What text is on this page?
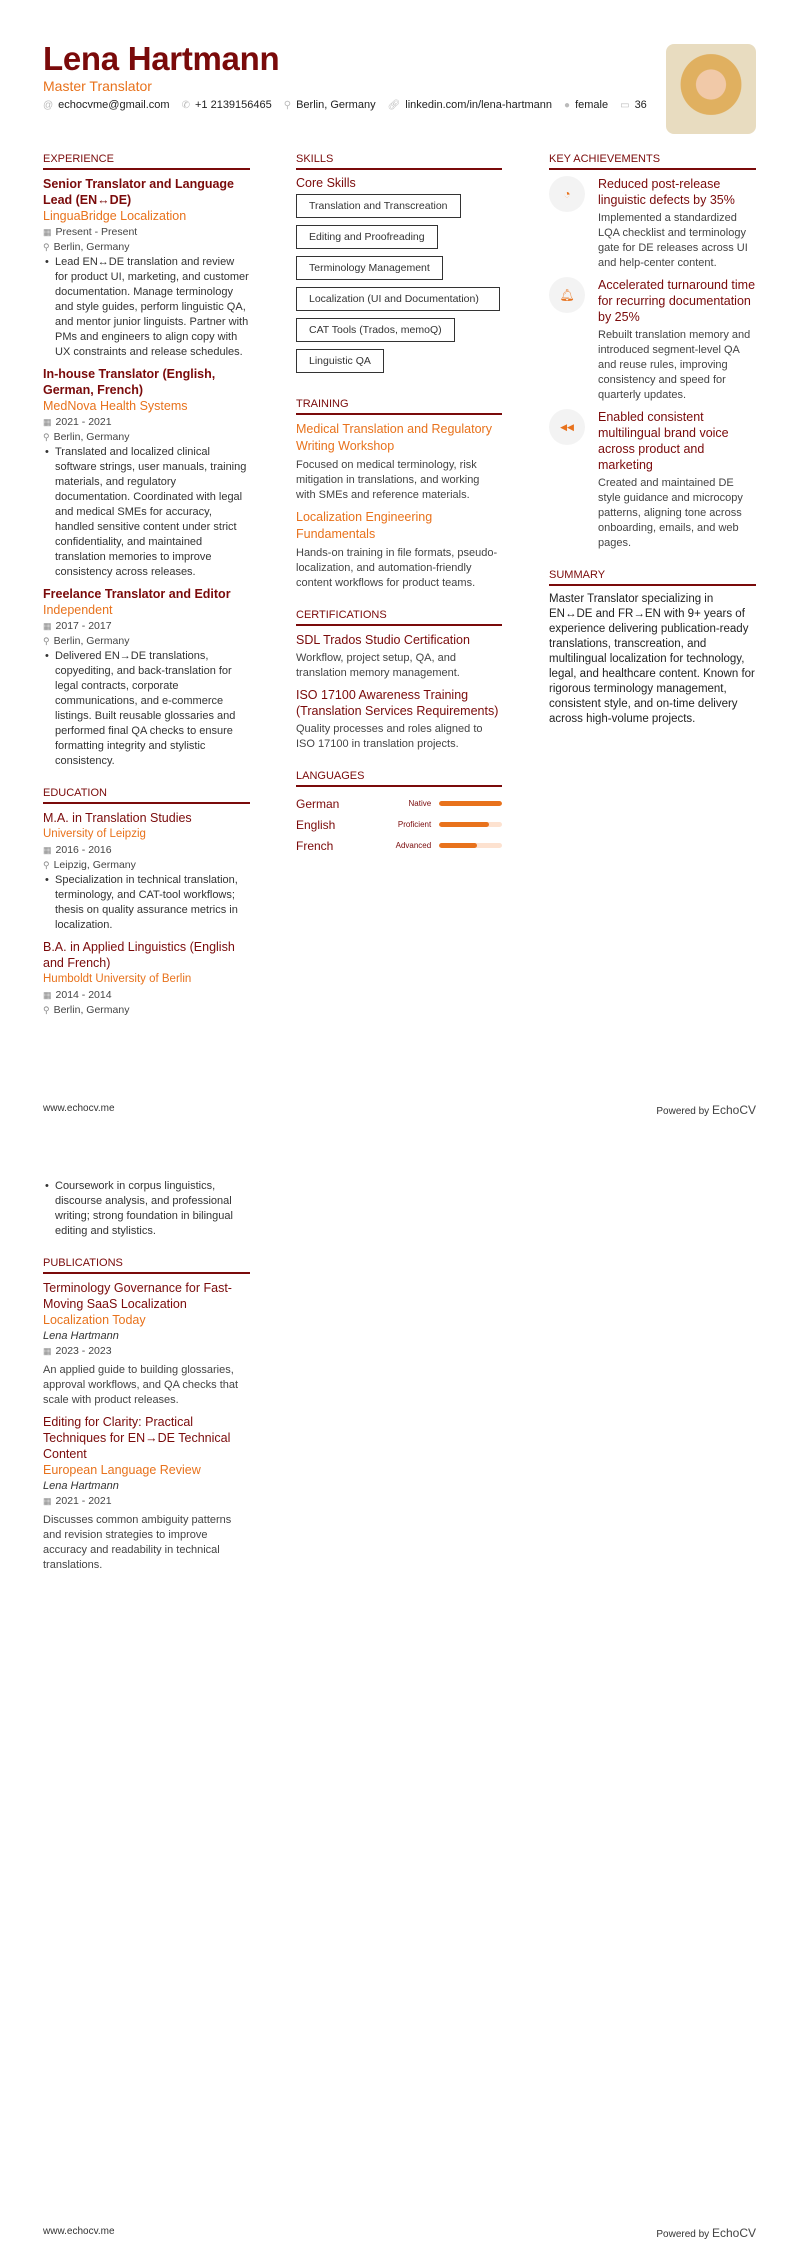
Lena Hartmann
Master Translator
@ echocvme@gmail.com ✆ +1 2139156465 ⚲ Berlin, Germany 🔗︎ linkedin.com/in/lena-hartmann ● female ▭ 36
EXPERIENCE
Senior Translator and Language Lead (EN↔DE)
LinguaBridge Localization
▦ Present - Present
⚲ Berlin, Germany
• Lead EN↔DE translation and review for product UI, marketing, and customer documentation. Manage terminology and style guides, perform linguistic QA, and mentor junior linguists. Partner with PMs and engineers to align copy with UX constraints and release schedules.
In-house Translator (English, German, French)
MedNova Health Systems
▦ 2021 - 2021
⚲ Berlin, Germany
• Translated and localized clinical software strings, user manuals, training materials, and regulatory documentation. Coordinated with legal and medical SMEs for accuracy, handled sensitive content under strict confidentiality, and maintained translation memories to improve consistency across releases.
Freelance Translator and Editor
Independent
▦ 2017 - 2017
⚲ Berlin, Germany
• Delivered EN→DE translations, copyediting, and back-translation for legal contracts, corporate communications, and e-commerce listings. Built reusable glossaries and performed final QA checks to ensure formatting integrity and stylistic consistency.
EDUCATION
M.A. in Translation Studies
University of Leipzig
▦ 2016 - 2016
⚲ Leipzig, Germany
• Specialization in technical translation, terminology, and CAT-tool workflows; thesis on quality assurance metrics in localization.
B.A. in Applied Linguistics (English and French)
Humboldt University of Berlin
▦ 2014 - 2014
⚲ Berlin, Germany
SKILLS
Core Skills
Translation and Transcreation
Editing and Proofreading
Terminology Management
Localization (UI and Documentation)
CAT Tools (Trados, memoQ)
Linguistic QA
TRAINING
Medical Translation and Regulatory Writing Workshop
Focused on medical terminology, risk mitigation in translations, and working with SMEs and reference materials.
Localization Engineering Fundamentals
Hands-on training in file formats, pseudo-localization, and automation-friendly content workflows for product teams.
CERTIFICATIONS
SDL Trados Studio Certification
Workflow, project setup, QA, and translation memory management.
ISO 17100 Awareness Training (Translation Services Requirements)
Quality processes and roles aligned to ISO 17100 in translation projects.
LANGUAGES
German	Native
English	Proficient
French	Advanced
KEY ACHIEVEMENTS
◔
Reduced post-release linguistic defects by 35%
Implemented a standardized LQA checklist and terminology gate for DE releases across UI and help-center content.
🔔︎
Accelerated turnaround time for recurring documentation by 25%
Rebuilt translation memory and introduced segment-level QA and reuse rules, improving consistency and speed for quarterly updates.
◀◀
Enabled consistent multilingual brand voice across product and marketing
Created and maintained DE style guidance and microcopy patterns, aligning tone across onboarding, emails, and web pages.
SUMMARY
Master Translator specializing in EN↔DE and FR→EN with 9+ years of experience delivering publication-ready translations, transcreation, and multilingual localization for technology, legal, and healthcare content. Known for rigorous terminology management, consistent style, and on-time delivery across high-volume projects.
www.echocv.me	Powered by EchoCV
• Coursework in corpus linguistics, discourse analysis, and professional writing; strong foundation in bilingual editing and stylistics.
PUBLICATIONS
Terminology Governance for Fast-Moving SaaS Localization
Localization Today
Lena Hartmann
▦ 2023 - 2023
An applied guide to building glossaries, approval workflows, and QA checks that scale with product releases.
Editing for Clarity: Practical Techniques for EN→DE Technical Content
European Language Review
Lena Hartmann
▦ 2021 - 2021
Discusses common ambiguity patterns and revision strategies to improve accuracy and readability in technical translations.
www.echocv.me	Powered by EchoCV
